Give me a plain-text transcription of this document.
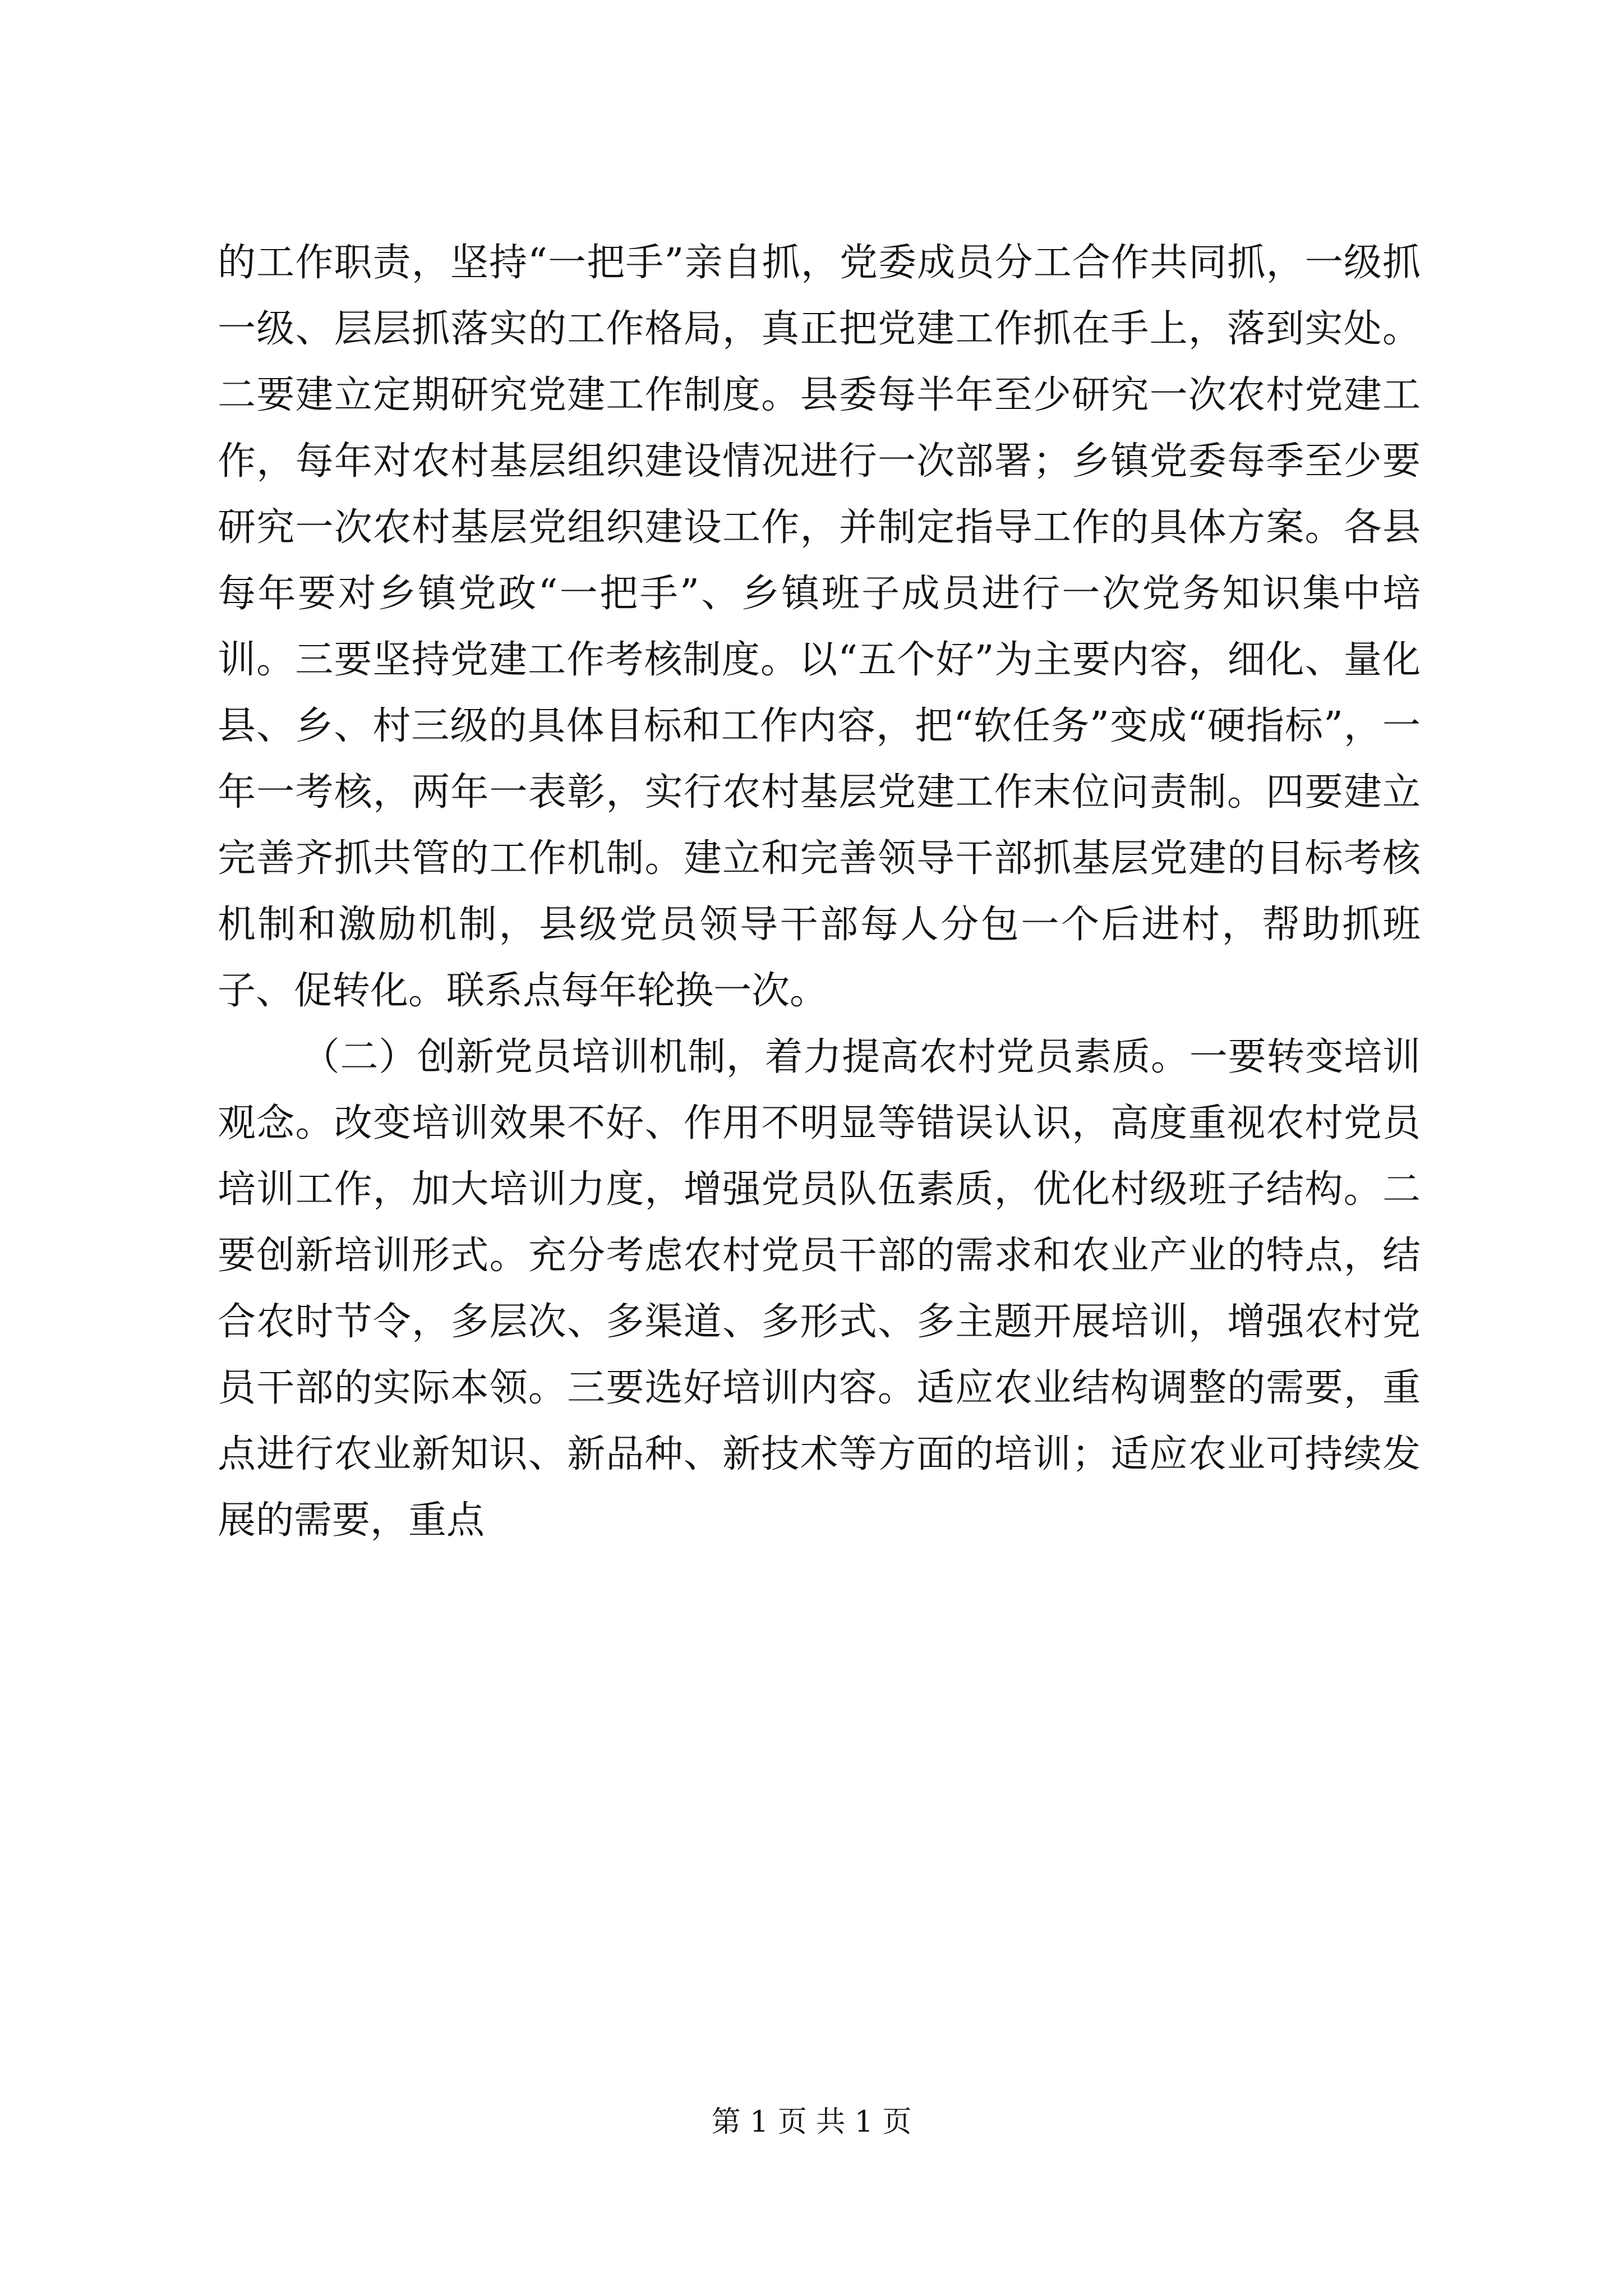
的工作职责，坚持“一把手”亲自抓，党委成员分工合作共同抓，一级抓一级、层层抓落实的工作格局，真正把党建工作抓在手上，落到实处。二要建立定期研究党建工作制度。县委每半年至少研究一次农村党建工作，每年对农村基层组织建设情况进行一次部署；乡镇党委每季至少要研究一次农村基层党组织建设工作，并制定指导工作的具体方案。各县每年要对乡镇党政“一把手”、乡镇班子成员进行一次党务知识集中培训。三要坚持党建工作考核制度。以“五个好”为主要内容，细化、量化县、乡、村三级的具体目标和工作内容，把“软任务”变成“硬指标”，一年一考核，两年一表彰，实行农村基层党建工作末位问责制。四要建立完善齐抓共管的工作机制。建立和完善领导干部抓基层党建的目标考核机制和激励机制，县级党员领导干部每人分包一个后进村，帮助抓班子、促转化。联系点每年轮换一次。

（二）创新党员培训机制，着力提高农村党员素质。一要转变培训观念。改变培训效果不好、作用不明显等错误认识，高度重视农村党员培训工作，加大培训力度，增强党员队伍素质，优化村级班子结构。二要创新培训形式。充分考虑农村党员干部的需求和农业产业的特点，结合农时节令，多层次、多渠道、多形式、多主题开展培训，增强农村党员干部的实际本领。三要选好培训内容。适应农业结构调整的需要，重点进行农业新知识、新品种、新技术等方面的培训；适应农业可持续发展的需要，重点

第 1 页 共 1 页
